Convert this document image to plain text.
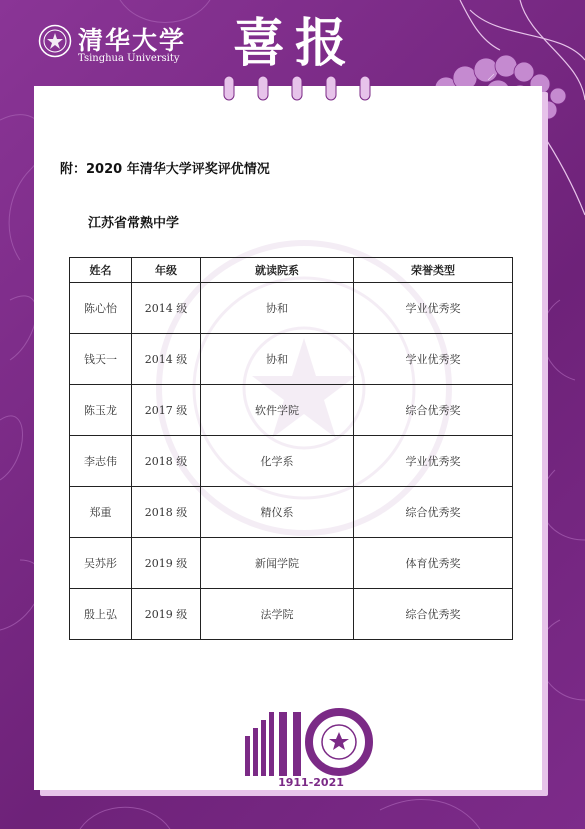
清华大学
Tsinghua University 喜报
附：2020 年清华大学评奖评优情况
江苏省常熟中学
姓名	年级	就读院系	荣誉类型
陈心怡	2014 级	协和	学业优秀奖
钱天一	2014 级	协和	学业优秀奖
陈玉龙	2017 级	软件学院	综合优秀奖
李志伟	2018 级	化学系	学业优秀奖
郑重	2018 级	精仪系	综合优秀奖
吴苏彤	2019 级	新闻学院	体育优秀奖
殷上弘	2019 级	法学院	综合优秀奖
1911-2021
